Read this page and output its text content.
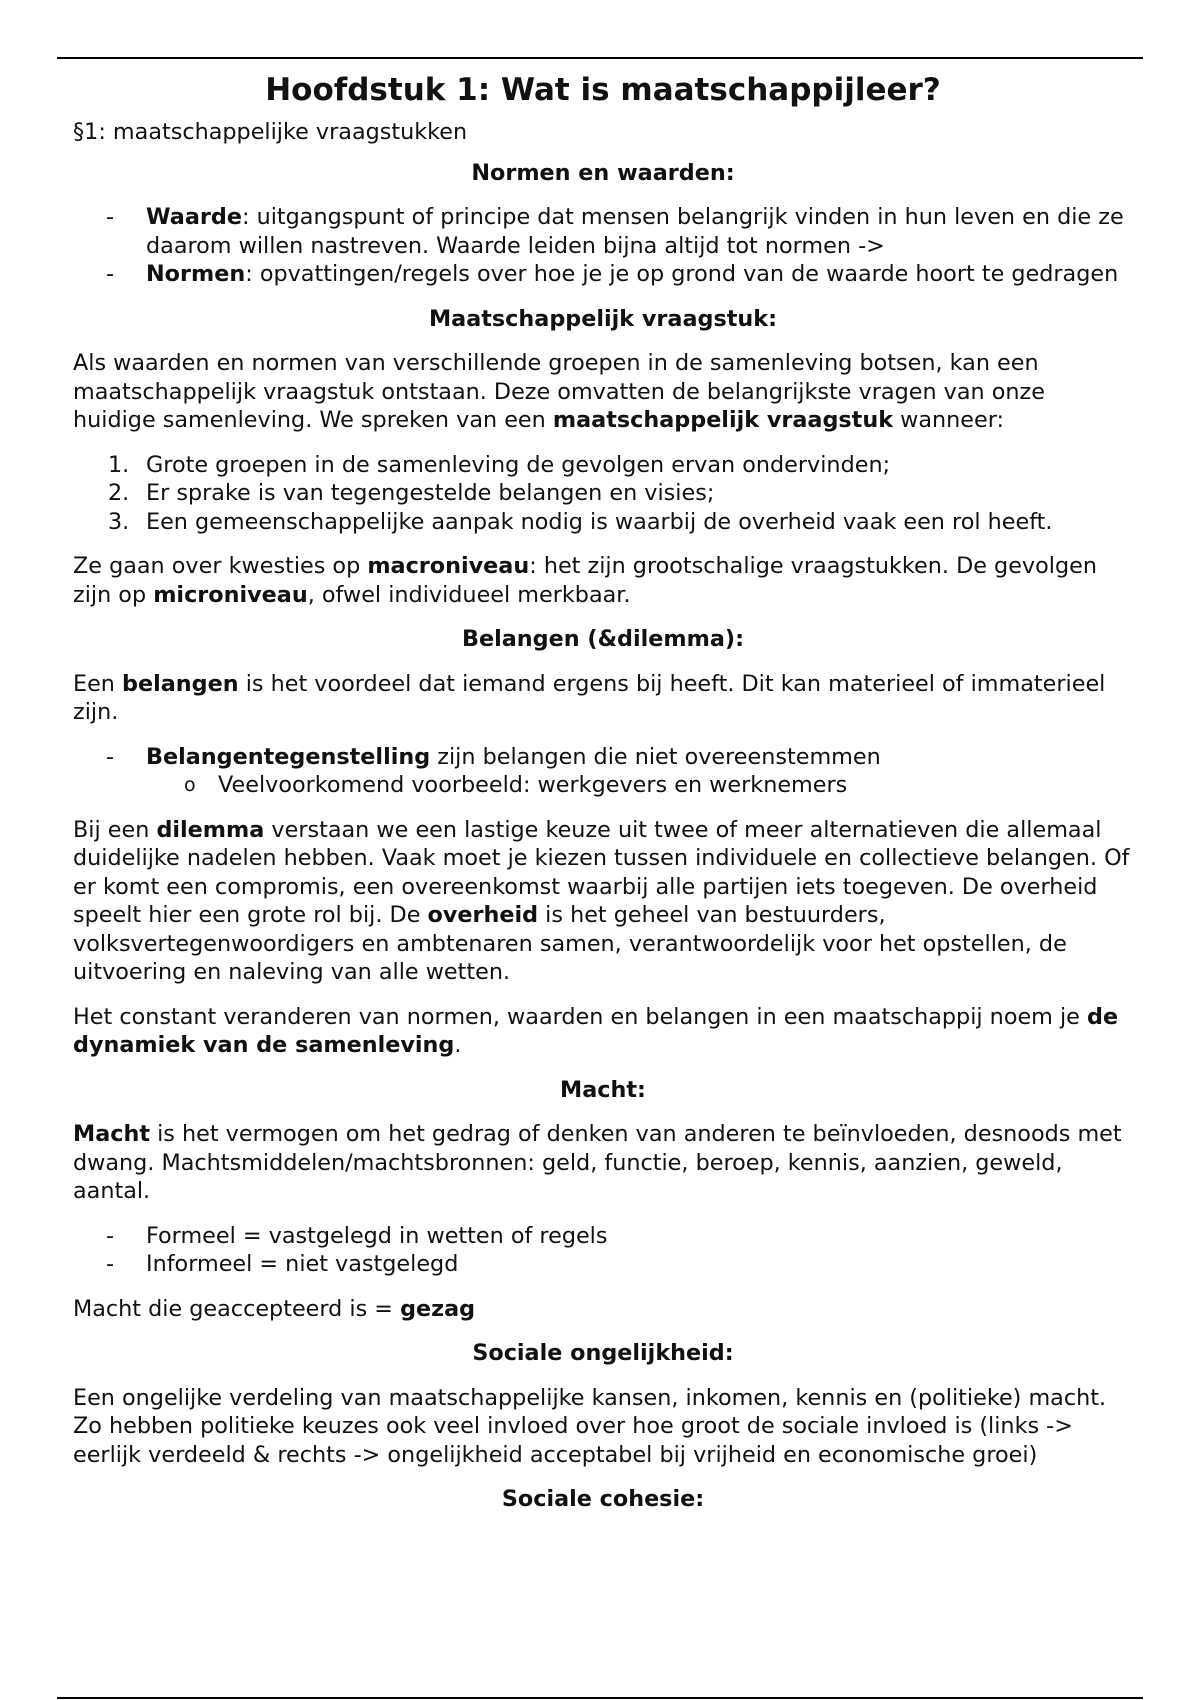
Hoofdstuk 1: Wat is maatschappijleer?
§1: maatschappelijke vraagstukken
Normen en waarden:
-	Waarde: uitgangspunt of principe dat mensen belangrijk vinden in hun leven en die ze daarom willen nastreven. Waarde leiden bijna altijd tot normen ->
-	Normen: opvattingen/regels over hoe je je op grond van de waarde hoort te gedragen
Maatschappelijk vraagstuk:

Als waarden en normen van verschillende groepen in de samenleving botsen, kan een maatschappelijk vraagstuk ontstaan. Deze omvatten de belangrijkste vragen van onze huidige samenleving. We spreken van een maatschappelijk vraagstuk wanneer:

1. Grote groepen in de samenleving de gevolgen ervan ondervinden;
2. Er sprake is van tegengestelde belangen en visies;
3. Een gemeenschappelijke aanpak nodig is waarbij de overheid vaak een rol heeft.

Ze gaan over kwesties op macroniveau: het zijn grootschalige vraagstukken. De gevolgen zijn op microniveau, ofwel individueel merkbaar.

Belangen (&dilemma):

Een belangen is het voordeel dat iemand ergens bij heeft. Dit kan materieel of immaterieel zijn.

-	Belangentegenstelling zijn belangen die niet overeenstemmen
o Veelvoorkomend voorbeeld: werkgevers en werknemers

Bij een dilemma verstaan we een lastige keuze uit twee of meer alternatieven die allemaal duidelijke nadelen hebben. Vaak moet je kiezen tussen individuele en collectieve belangen. Of er komt een compromis, een overeenkomst waarbij alle partijen iets toegeven. De overheid speelt hier een grote rol bij. De overheid is het geheel van bestuurders, volksvertegenwoordigers en ambtenaren samen, verantwoordelijk voor het opstellen, de uitvoering en naleving van alle wetten.

Het constant veranderen van normen, waarden en belangen in een maatschappij noem je de dynamiek van de samenleving.

Macht:

Macht is het vermogen om het gedrag of denken van anderen te beïnvloeden, desnoods met dwang. Machtsmiddelen/machtsbronnen: geld, functie, beroep, kennis, aanzien, geweld, aantal.

-	Formeel = vastgelegd in wetten of regels
-	Informeel = niet vastgelegd

Macht die geaccepteerd is = gezag

Sociale ongelijkheid:

Een ongelijke verdeling van maatschappelijke kansen, inkomen, kennis en (politieke) macht. Zo hebben politieke keuzes ook veel invloed over hoe groot de sociale invloed is (links -> eerlijk verdeeld & rechts -> ongelijkheid acceptabel bij vrijheid en economische groei)

Sociale cohesie:
